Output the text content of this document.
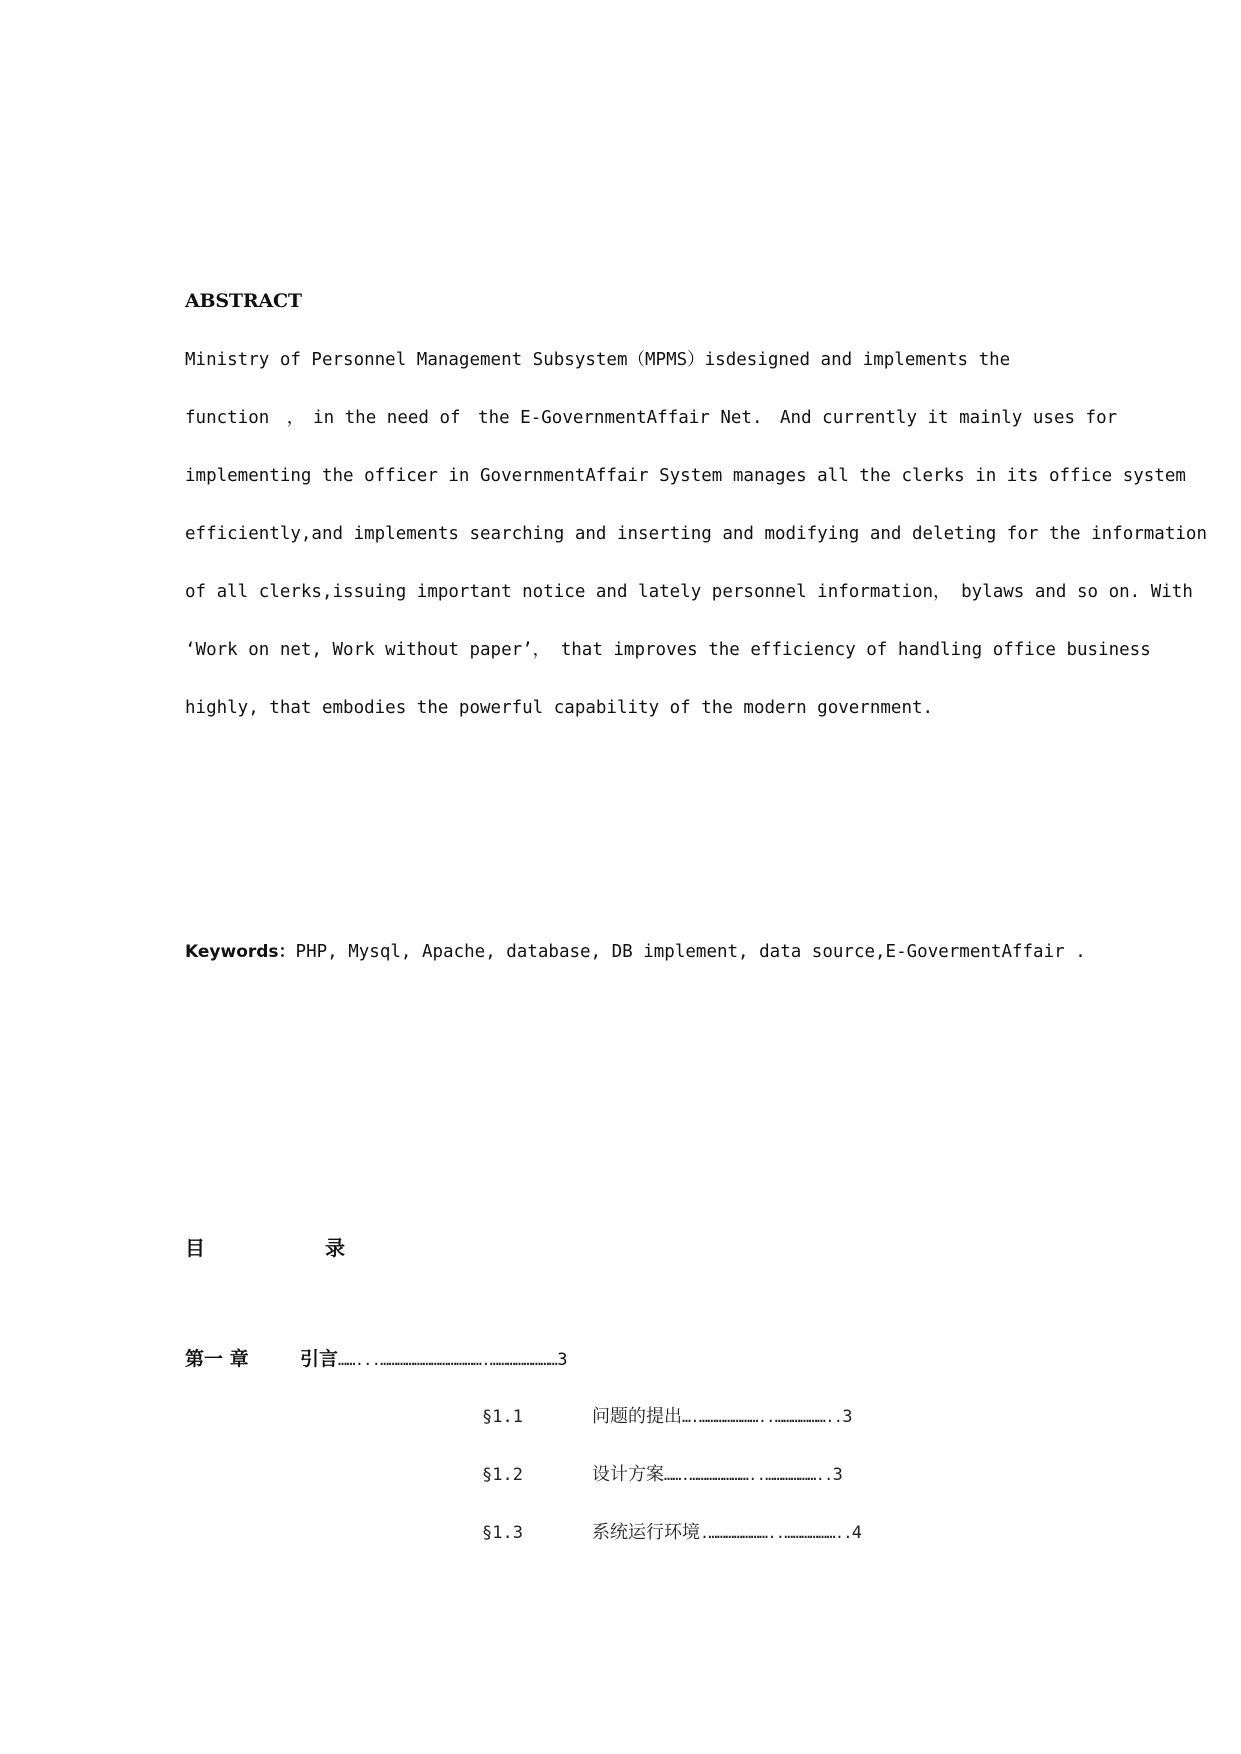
ABSTRACT
Ministry of Personnel Management Subsystem（MPMS）isdesigned and implements the
function　，　in the need of　the E-GovernmentAffair Net.　And currently it mainly uses for
implementing the officer in GovernmentAffair System manages all the clerks in its office system
efficiently,and implements searching and inserting and modifying and deleting for the information
of all clerks,issuing important notice and lately personnel information， bylaws and so on. With
‘Work on net, Work without paper’， that improves the efficiency of handling office business
highly, that embodies the powerful capability of the modern government.
Keywords：PHP, Mysql, Apache, database, DB implement, data source,E-GovermentAffair .
目	录
第一 章	引言……...……………………………….……………………3
§1.1	问题的提出….…………………..………………..3
§1.2	设计方案…….…………………..………………..3
§1.3	系统运行环境.…………………..………………..4
